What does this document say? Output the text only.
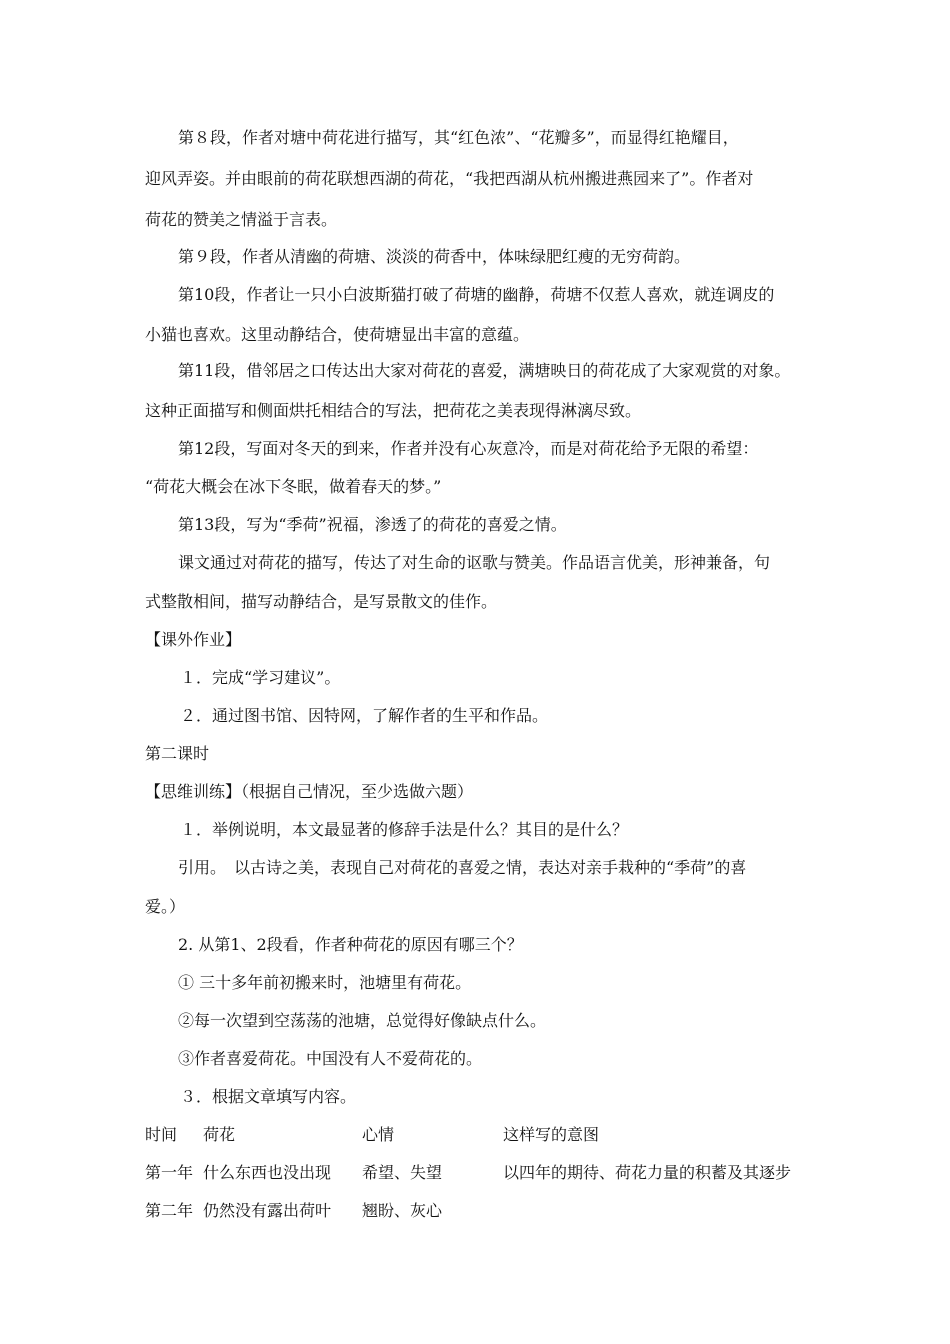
第８段，作者对塘中荷花进行描写，其“红色浓”、“花瓣多”，而显得红艳耀目，
迎风弄姿。并由眼前的荷花联想西湖的荷花，“我把西湖从杭州搬进燕园来了”。作者对
荷花的赞美之情溢于言表。
第９段，作者从清幽的荷塘、淡淡的荷香中，体味绿肥红瘦的无穷荷韵。
第10段，作者让一只小白波斯猫打破了荷塘的幽静，荷塘不仅惹人喜欢，就连调皮的
小猫也喜欢。这里动静结合，使荷塘显出丰富的意蕴。
第11段，借邻居之口传达出大家对荷花的喜爱，满塘映日的荷花成了大家观赏的对象。
这种正面描写和侧面烘托相结合的写法，把荷花之美表现得淋漓尽致。
第12段，写面对冬天的到来，作者并没有心灰意冷，而是对荷花给予无限的希望：
“荷花大概会在冰下冬眠，做着春天的梦。”
第13段，写为“季荷”祝福，渗透了的荷花的喜爱之情。
课文通过对荷花的描写，传达了对生命的讴歌与赞美。作品语言优美，形神兼备，句
式整散相间，描写动静结合，是写景散文的佳作。
【课外作业】
１．完成“学习建议”。
２．通过图书馆、因特网，了解作者的生平和作品。
第二课时
【思维训练】（根据自己情况，至少选做六题）
１．举例说明，本文最显著的修辞手法是什么？其目的是什么？
引用。　以古诗之美，表现自己对荷花的喜爱之情，表达对亲手栽种的“季荷”的喜
爱。）
2. 从第1、2段看，作者种荷花的原因有哪三个？
① 三十多年前初搬来时，池塘里有荷花。
②每一次望到空荡荡的池塘，总觉得好像缺点什么。
③作者喜爱荷花。中国没有人不爱荷花的。
３．根据文章填写内容。
时间 荷花	心情	这样写的意图
第一年 什么东西也没出现 希望、失望	以四年的期待、荷花力量的积蓄及其逐步
第二年 仍然没有露出荷叶 翘盼、灰心
